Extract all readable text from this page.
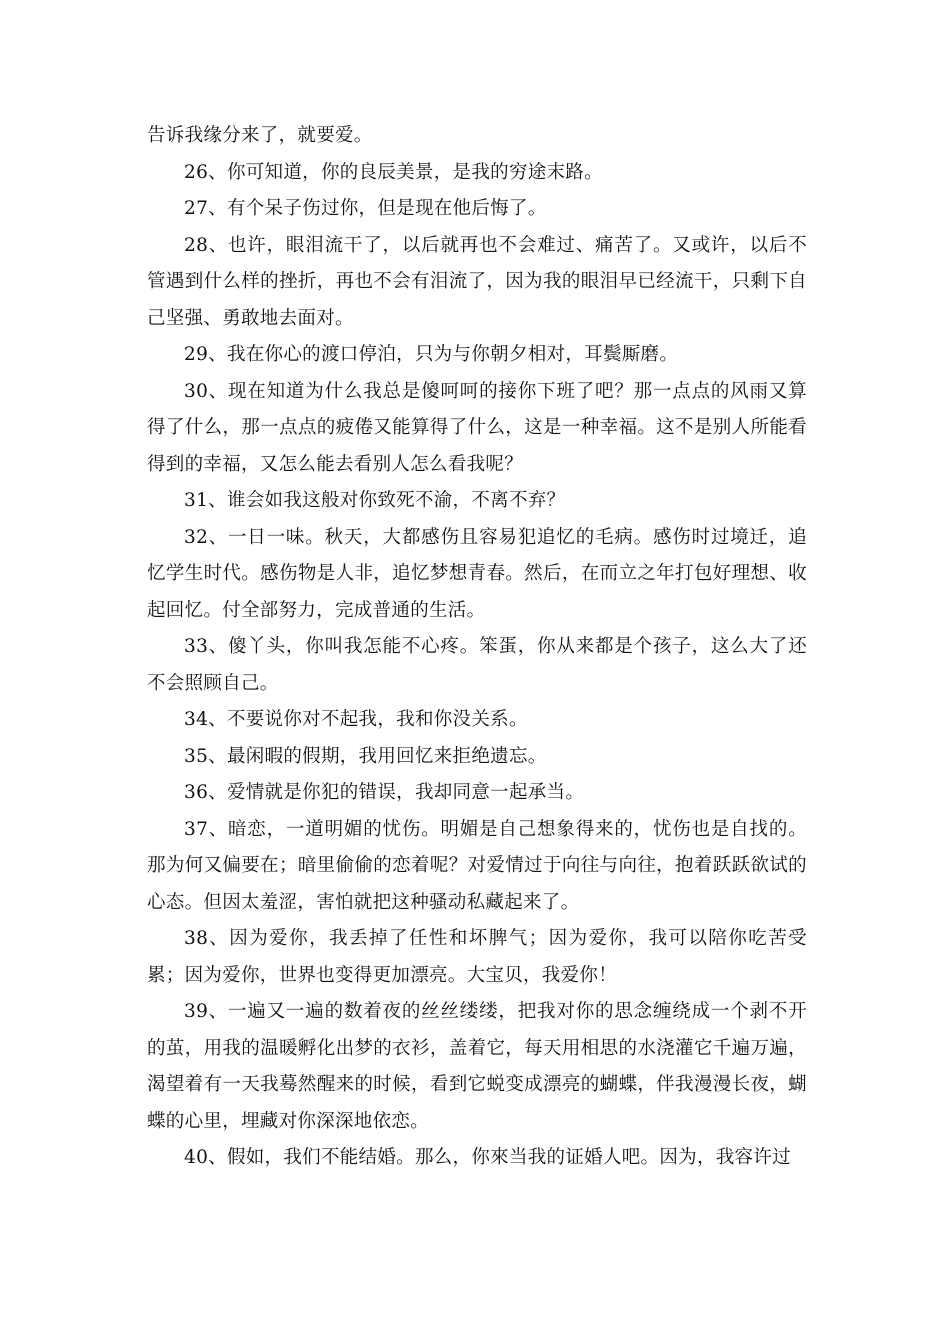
告诉我缘分来了，就要爱。

26、你可知道，你的良辰美景，是我的穷途末路。

27、有个呆子伤过你，但是现在他后悔了。

28、也许，眼泪流干了，以后就再也不会难过、痛苦了。又或许，以后不管遇到什么样的挫折，再也不会有泪流了，因为我的眼泪早已经流干，只剩下自己坚强、勇敢地去面对。

29、我在你心的渡口停泊，只为与你朝夕相对，耳鬓厮磨。

30、现在知道为什么我总是傻呵呵的接你下班了吧？那一点点的风雨又算得了什么，那一点点的疲倦又能算得了什么，这是一种幸福。这不是别人所能看得到的幸福，又怎么能去看别人怎么看我呢？

31、谁会如我这般对你致死不渝，不离不弃？

32、一日一味。秋天，大都感伤且容易犯追忆的毛病。感伤时过境迁，追忆学生时代。感伤物是人非，追忆梦想青春。然后，在而立之年打包好理想、收起回忆。付全部努力，完成普通的生活。

33、傻丫头，你叫我怎能不心疼。笨蛋，你从来都是个孩子，这么大了还不会照顾自己。

34、不要说你对不起我，我和你没关系。

35、最闲暇的假期，我用回忆来拒绝遗忘。

36、爱情就是你犯的错误，我却同意一起承当。

37、暗恋，一道明媚的忧伤。明媚是自己想象得来的，忧伤也是自找的。那为何又偏要在；暗里偷偷的恋着呢？对爱情过于向往与向往，抱着跃跃欲试的心态。但因太羞涩，害怕就把这种骚动私藏起来了。

38、因为爱你，我丢掉了任性和坏脾气；因为爱你，我可以陪你吃苦受累；因为爱你，世界也变得更加漂亮。大宝贝，我爱你！

39、一遍又一遍的数着夜的丝丝缕缕，把我对你的思念缠绕成一个剥不开的茧，用我的温暖孵化出梦的衣衫，盖着它，每天用相思的水浇灌它千遍万遍，渴望着有一天我蓦然醒来的时候，看到它蜕变成漂亮的蝴蝶，伴我漫漫长夜，蝴蝶的心里，埋藏对你深深地依恋。

40、假如，我们不能结婚。那么，你來当我的证婚人吧。因为，我容许过
